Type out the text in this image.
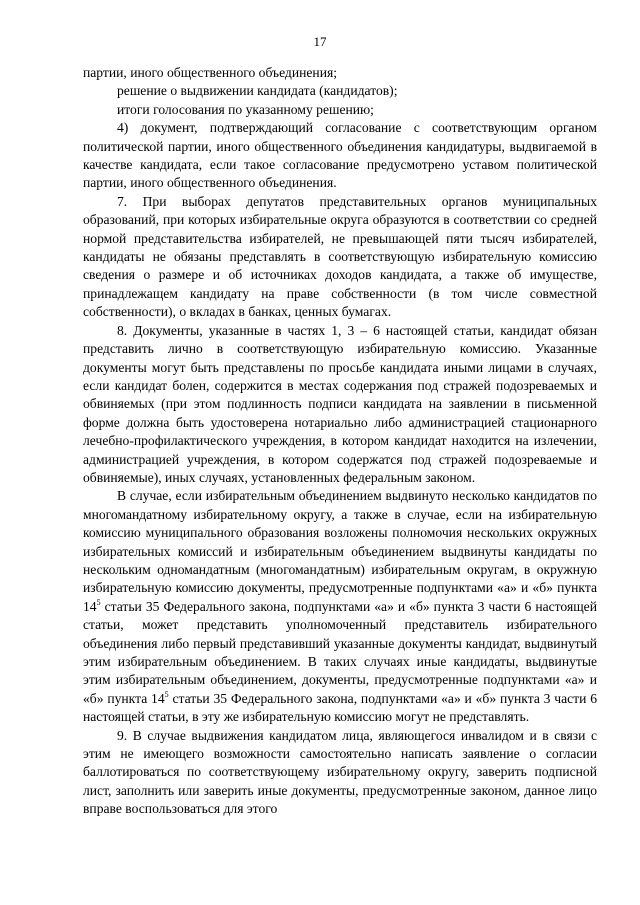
17

партии, иного общественного объединения;

решение о выдвижении кандидата (кандидатов);

итоги голосования по указанному решению;

4) документ, подтверждающий согласование с соответствующим органом политической партии, иного общественного объединения кандидатуры, выдвигаемой в качестве кандидата, если такое согласование предусмотрено уставом политической партии, иного общественного объединения.

7. При выборах депутатов представительных органов муниципальных образований, при которых избирательные округа образуются в соответствии со средней нормой представительства избирателей, не превышающей пяти тысяч избирателей, кандидаты не обязаны представлять в соответствующую избирательную комиссию сведения о размере и об источниках доходов кандидата, а также об имуществе, принадлежащем кандидату на праве собственности (в том числе совместной собственности), о вкладах в банках, ценных бумагах.

8. Документы, указанные в частях 1, 3 – 6 настоящей статьи, кандидат обязан представить лично в соответствующую избирательную комиссию. Указанные документы могут быть представлены по просьбе кандидата иными лицами в случаях, если кандидат болен, содержится в местах содержания под стражей подозреваемых и обвиняемых (при этом подлинность подписи кандидата на заявлении в письменной форме должна быть удостоверена нотариально либо администрацией стационарного лечебно-профилактического учреждения, в котором кандидат находится на излечении, администрацией учреждения, в котором содержатся под стражей подозреваемые и обвиняемые), иных случаях, установленных федеральным законом.

В случае, если избирательным объединением выдвинуто несколько кандидатов по многомандатному избирательному округу, а также в случае, если на избирательную комиссию муниципального образования возложены полномочия нескольких окружных избирательных комиссий и избирательным объединением выдвинуты кандидаты по нескольким одномандатным (многомандатным) избирательным округам, в окружную избирательную комиссию документы, предусмотренные подпунктами «а» и «б» пункта $14^5$ статьи 35 Федерального закона, подпунктами «а» и «б» пункта 3 части 6 настоящей статьи, может представить уполномоченный представитель избирательного объединения либо первый представивший указанные документы кандидат, выдвинутый этим избирательным объединением. В таких случаях иные кандидаты, выдвинутые этим избирательным объединением, документы, предусмотренные подпунктами «а» и «б» пункта $14^5$ статьи 35 Федерального закона, подпунктами «а» и «б» пункта 3 части 6 настоящей статьи, в эту же избирательную комиссию могут не представлять.

9. В случае выдвижения кандидатом лица, являющегося инвалидом и в связи с этим не имеющего возможности самостоятельно написать заявление о согласии баллотироваться по соответствующему избирательному округу, заверить подписной лист, заполнить или заверить иные документы, предусмотренные законом, данное лицо вправе воспользоваться для этого
